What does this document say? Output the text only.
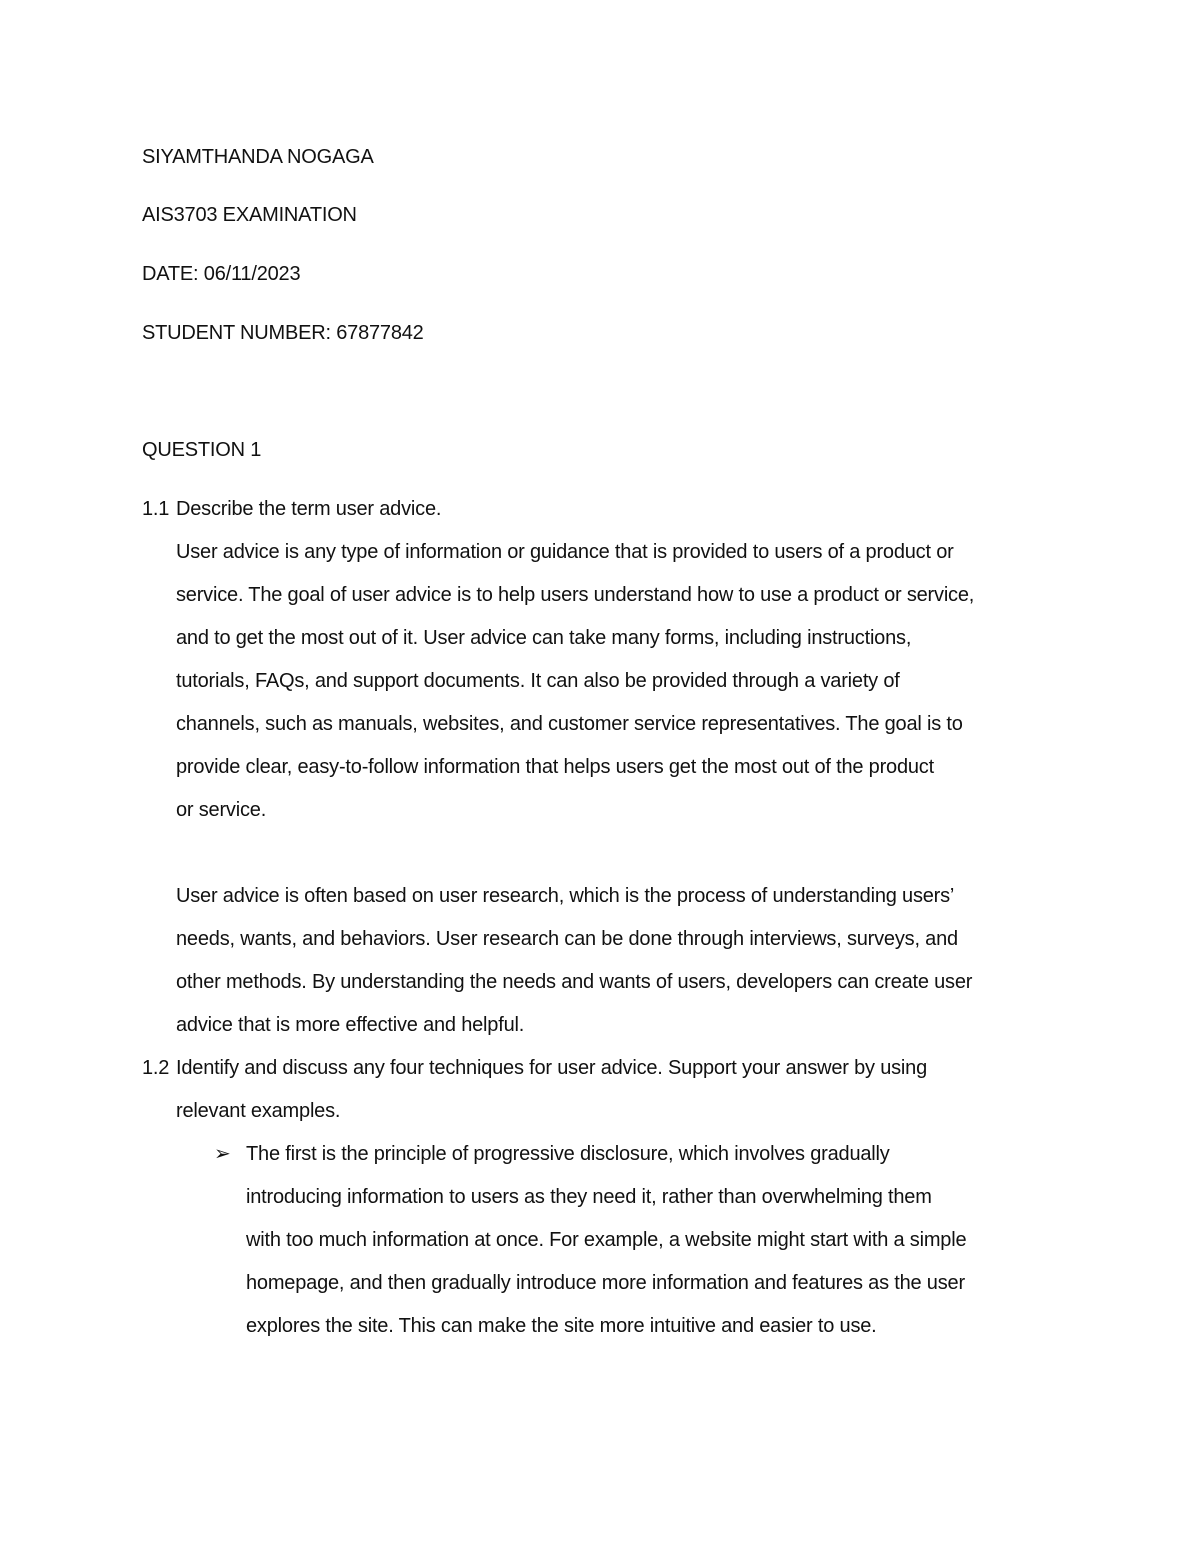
SIYAMTHANDA NOGAGA
AIS3703 EXAMINATION
DATE: 06/11/2023
STUDENT NUMBER: 67877842
QUESTION 1
1.1 Describe the term user advice.
User advice is any type of information or guidance that is provided to users of a product or
service. The goal of user advice is to help users understand how to use a product or service,
and to get the most out of it. User advice can take many forms, including instructions,
tutorials, FAQs, and support documents. It can also be provided through a variety of
channels, such as manuals, websites, and customer service representatives. The goal is to
provide clear, easy-to-follow information that helps users get the most out of the product
or service.
User advice is often based on user research, which is the process of understanding users’
needs, wants, and behaviors. User research can be done through interviews, surveys, and
other methods. By understanding the needs and wants of users, developers can create user
advice that is more effective and helpful.
1.2 Identify and discuss any four techniques for user advice. Support your answer by using
relevant examples.
➢ The first is the principle of progressive disclosure, which involves gradually
introducing information to users as they need it, rather than overwhelming them
with too much information at once. For example, a website might start with a simple
homepage, and then gradually introduce more information and features as the user
explores the site. This can make the site more intuitive and easier to use.
